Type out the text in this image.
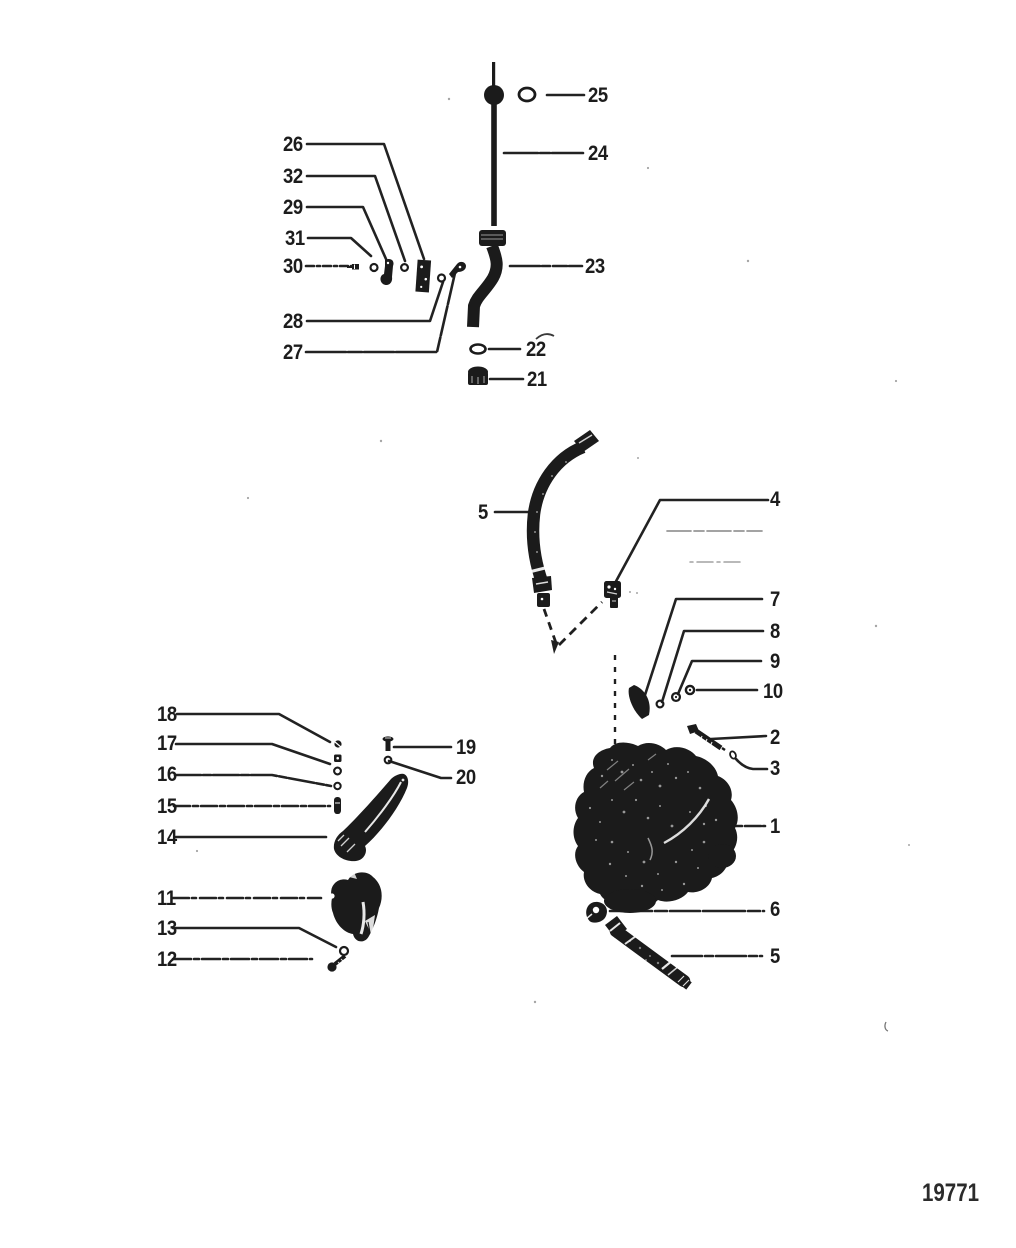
25
24
23
22
21
26
32
29
31
30
28
27
5
4
7
8
9
10
2
3
1
6
5
18
17
16
15
14
11
13
12
19
20
19771
